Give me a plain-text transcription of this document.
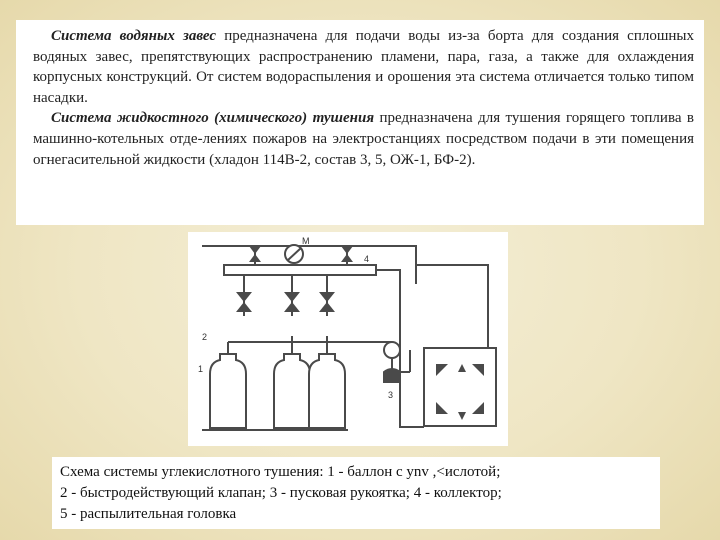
Система водяных завес предназначена для подачи воды из-за борта для создания сплошных водяных завес, препятствующих распространению пламени, пара, газа, а также для охлаждения корпусных конструкций. От систем водораспыления и орошения эта система отличается только типом насадки.

Система жидкостного (химического) тушения предназначена для тушения горящего топлива в машинно-котельных отде-лениях пожаров на электростанциях посредством подачи в эти помещения огнегасительной жидкости (хладон 114В-2, состав 3, 5, ОЖ-1, БФ-2).

1
2
3
4
М
Схема системы углекислотного тушения: 1 - баллон с уnv ,<ислотой;
2 - быстродействующий клапан; 3 - пусковая рукоятка; 4 - коллектор;
5 - распылительная головка
